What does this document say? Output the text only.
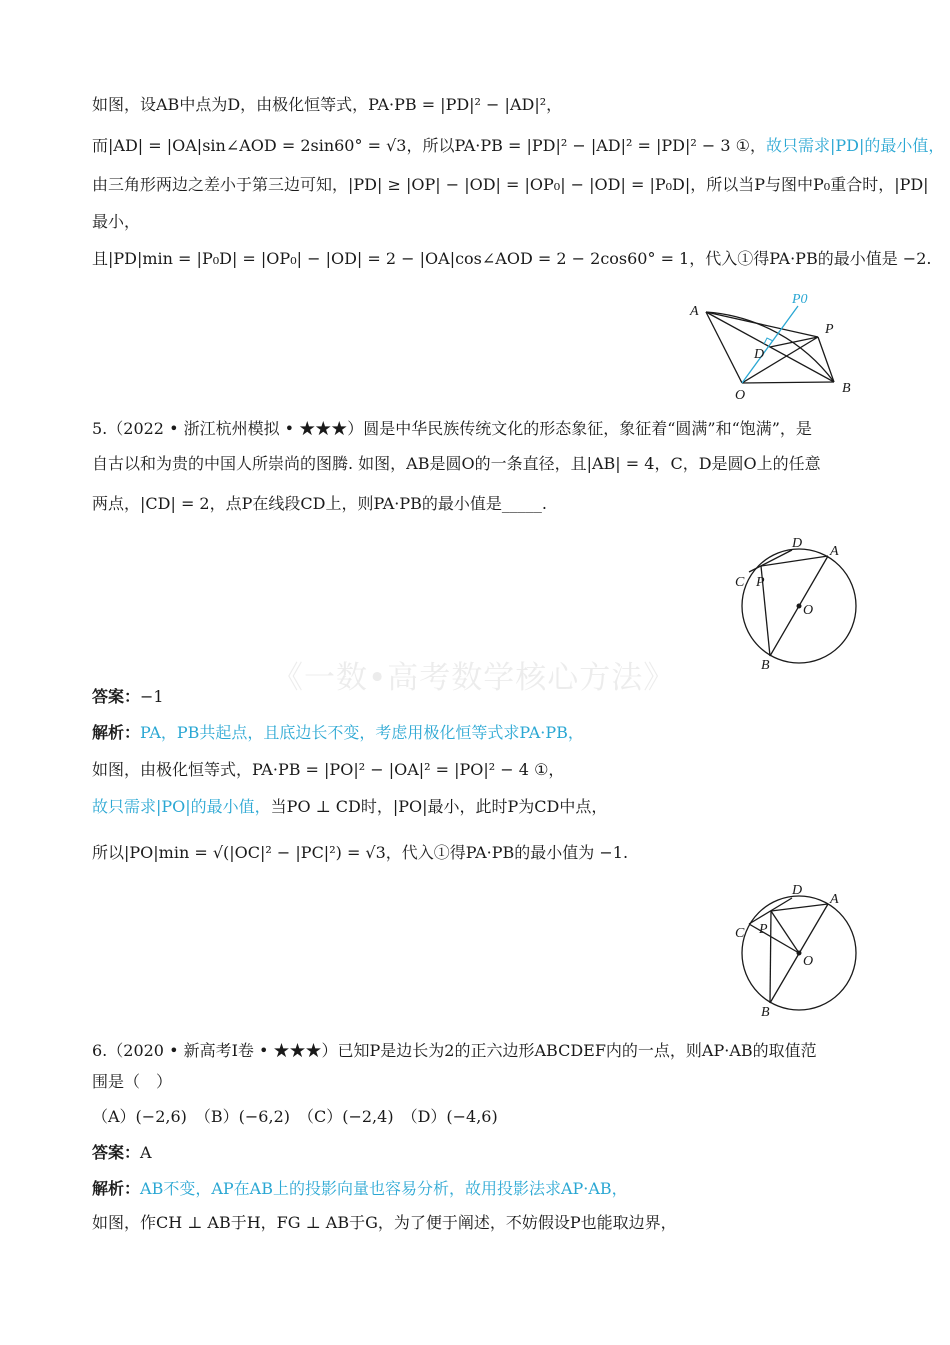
《一数•高考数学核心方法》
如图，设AB中点为D，由极化恒等式，PA·PB = |PD|² − |AD|²，
而|AD| = |OA|sin∠AOD = 2sin60° = √3，所以PA·PB = |PD|² − |AD|² = |PD|² − 3 ①，故只需求|PD|的最小值，
由三角形两边之差小于第三边可知，|PD| ≥ |OP| − |OD| = |OP₀| − |OD| = |P₀D|，所以当P与图中P₀重合时，|PD|
最小，
且|PD|min = |P₀D| = |OP₀| − |OD| = 2 − |OA|cos∠AOD = 2 − 2cos60° = 1，代入①得PA·PB的最小值是 −2.
A
P0
P
D
O	B
5.（2022 • 浙江杭州模拟 • ★★★）圆是中华民族传统文化的形态象征，象征着“圆满”和“饱满”，是
自古以和为贵的中国人所崇尚的图腾. 如图，AB是圆O的一条直径，且|AB| = 4，C，D是圆O上的任意
两点，|CD| = 2，点P在线段CD上，则PA·PB的最小值是_____.
D
A
C P
O
B
答案：−1
解析：PA，PB共起点，且底边长不变，考虑用极化恒等式求PA·PB，
如图，由极化恒等式，PA·PB = |PO|² − |OA|² = |PO|² − 4 ①，
故只需求|PO|的最小值，当PO ⊥ CD时，|PO|最小，此时P为CD中点，
所以|PO|min = √(|OC|² − |PC|²) = √3，代入①得PA·PB的最小值为 −1.
D
A
C P
O
B
6.（2020 • 新高考Ⅰ卷 • ★★★）已知P是边长为2的正六边形ABCDEF内的一点，则AP·AB的取值范
围是（　）
（A）(−2,6)　（B）(−6,2)　（C）(−2,4)　（D）(−4,6)
答案：A
解析：AB不变，AP在AB上的投影向量也容易分析，故用投影法求AP·AB，
如图，作CH ⊥ AB于H，FG ⊥ AB于G，为了便于阐述，不妨假设P也能取边界，
